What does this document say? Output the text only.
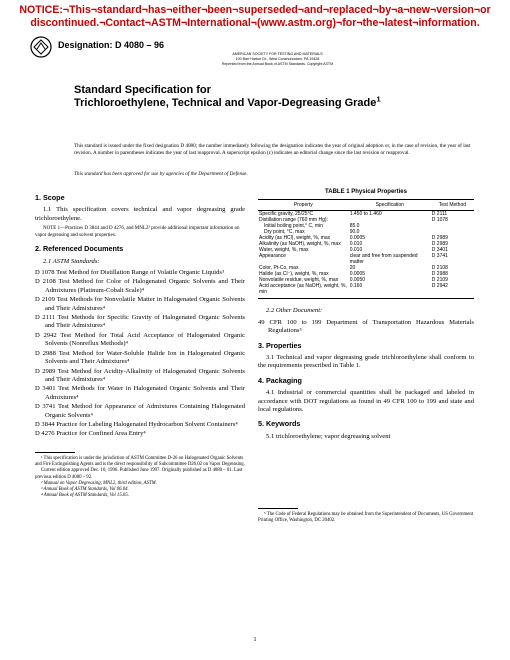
NOTICE:¬This¬standard¬has¬either¬been¬superseded¬and¬replaced¬by¬a¬new¬version¬or
discontinued.¬Contact¬ASTM¬International¬(www.astm.org)¬for¬the¬latest¬information.
Designation: D 4080 – 96
AMERICAN SOCIETY FOR TESTING AND MATERIALS
100 Barr Harbor Dr., West Conshohocken, PA 19428
Reprinted from the Annual Book of ASTM Standards. Copyright ASTM
Standard Specification for
Trichloroethylene, Technical and Vapor-Degreasing Grade$^1$
This standard is issued under the fixed designation D 4080; the number immediately following the designation indicates the year of original adoption or, in the case of revision, the year of last revision. A number in parentheses indicates the year of last reapproval. A superscript epsilon (ε) indicates an editorial change since the last revision or reapproval.
This standard has been approved for use by agencies of the Department of Defense.
1. Scope
1.1 This specification covers technical and vapor degreasing grade trichloroethylene.
NOTE 1—Practices D 3844 and D 4276, and MNL2² provide additional important information on vapor degreasing and solvent properties.
2. Referenced Documents
2.1 ASTM Standards:
D 1078 Test Method for Distillation Range of Volatile Organic Liquids³
D 2108 Test Method for Color of Halogenated Organic Solvents and Their Admixtures (Platinum-Cobalt Scale)⁴
D 2109 Test Methods for Nonvolatile Matter in Halogenated Organic Solvents and Their Admixtures⁴
D 2111 Test Methods for Specific Gravity of Halogenated Organic Solvents and Their Admixtures⁴
D 2942 Test Method for Total Acid Acceptance of Halogenated Organic Solvents (Nonreflux Methods)⁴
D 2988 Test Method for Water-Soluble Halide Ion in Halogenated Organic Solvents and Their Admixtures⁴
D 2989 Test Method for Acidity-Alkalinity of Halogenated Organic Solvents and Their Admixtures⁴
D 3401 Test Methods for Water in Halogenated Organic Solvents and Their Admixtures⁴
D 3741 Test Method for Appearance of Admixtures Containing Halogenated Organic Solvents⁴
D 3844 Practice for Labeling Halogenated Hydrocarbon Solvent Containers⁴
D 4276 Practice for Confined Area Entry⁴
¹ This specification is under the jurisdiction of ASTM Committee D-26 on Halogenated Organic Solvents and Fire Extinguishing Agents and is the direct responsibility of Subcommittee D26.02 on Vapor Degreasing.
Current edition approved Dec. 10, 1996. Published June 1997. Originally published as D 4080 – 81. Last previous edition D 4080 – 92.
² Manual on Vapor Degreasing, MNL2, third edition, ASTM.
³ Annual Book of ASTM Standards, Vol 06.04.
⁴ Annual Book of ASTM Standards, Vol 15.05.
TABLE 1 Physical Properties
Property	Specification	Test Method
Specific gravity, 25/25°C	1.450 to 1.460	D 2111
Distillation range (760 mm Hg):		D 1078
Initial boiling point,° C, min	85.0	
Dry point, °C, max	90.0	
Acidity (as HCl), weight, %, max	0.0005	D 2989
Alkalinity (as NaOH), weight, %, max	0.010	D 2989
Water, weight, %, max	0.010	D 3401
Appearance	clear and free from suspended matter	D 3741
Color, Pt-Co, max	20	D 2108
Halide (as Cl⁻), weight, %, max	0.0005	D 2988
Nonvolatile residue, weight, %, max	0.0050	D 2109
Acid acceptance (as NaOH), weight, %, min	0.160	D 2942
2.2 Other Document:
49 CFR 100 to 199 Department of Transportation Hazardous Materials Regulations⁵
3. Properties
3.1 Technical and vapor degreasing grade trichloroethylene shall conform to the requirements prescribed in Table 1.
4. Packaging
4.1 Industrial or commercial quantities shall be packaged and labeled in accordance with DOT regulations as found in 49 CFR 100 to 199 and state and local regulations.
5. Keywords
5.1 trichloroethylene; vapor degreasing solvent
⁵ The Code of Federal Regulations may be obtained from the Superintendent of Documents, US Government Printing Office, Washington, DC 20402.
1
